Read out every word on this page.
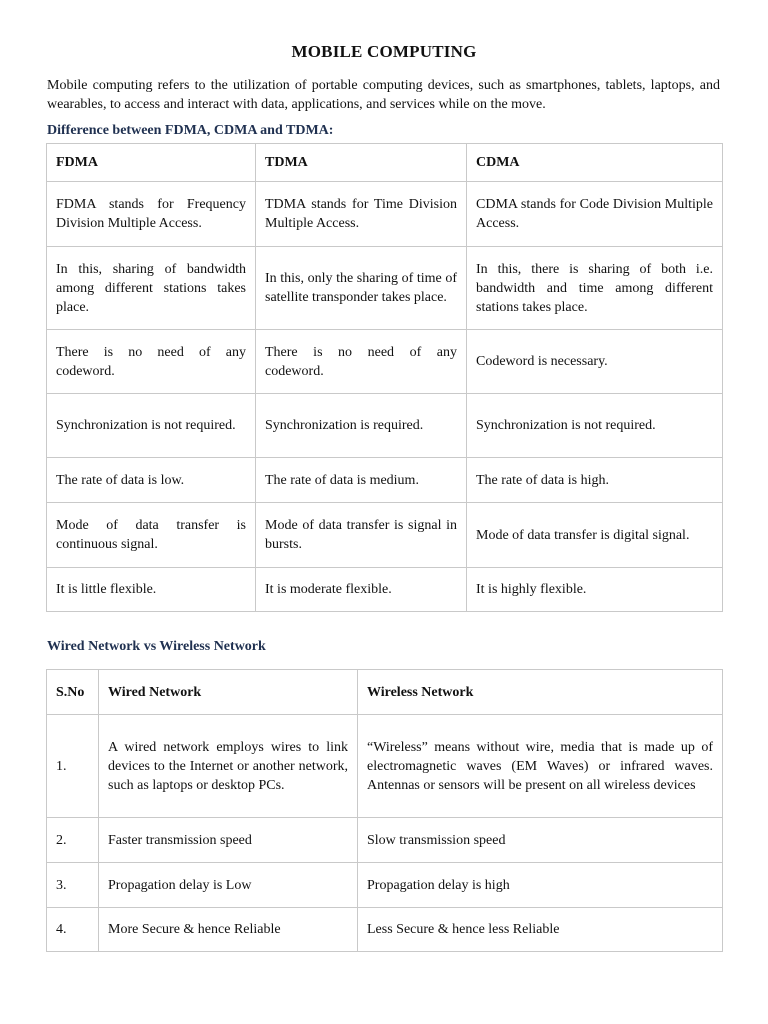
MOBILE COMPUTING

Mobile computing refers to the utilization of portable computing devices, such as smartphones, tablets, laptops, and wearables, to access and interact with data, applications, and services while on the move.

Difference between FDMA, CDMA and TDMA:
FDMA	TDMA	CDMA
FDMA stands for Frequency Division Multiple Access.	TDMA stands for Time Division Multiple Access.	CDMA stands for Code Division Multiple Access.
In this, sharing of bandwidth among different stations takes place.	In this, only the sharing of time of satellite transponder takes place.	In this, there is sharing of both i.e. bandwidth and time among different stations takes place.
There is no need of any codeword.	There is no need of any codeword.	Codeword is necessary.
Synchronization is not required.	Synchronization is required.	Synchronization is not required.
The rate of data is low.	The rate of data is medium.	The rate of data is high.
Mode of data transfer is continuous signal.	Mode of data transfer is signal in bursts.	Mode of data transfer is digital signal.
It is little flexible.	It is moderate flexible.	It is highly flexible.
Wired Network vs Wireless Network
S.No	Wired Network	Wireless Network
1.	A wired network employs wires to link devices to the Internet or another network, such as laptops or desktop PCs.	“Wireless” means without wire, media that is made up of electromagnetic waves (EM Waves) or infrared waves. Antennas or sensors will be present on all wireless devices
2.	Faster transmission speed	Slow transmission speed
3.	Propagation delay is Low	Propagation delay is high
4.	More Secure & hence Reliable	Less Secure & hence less Reliable
